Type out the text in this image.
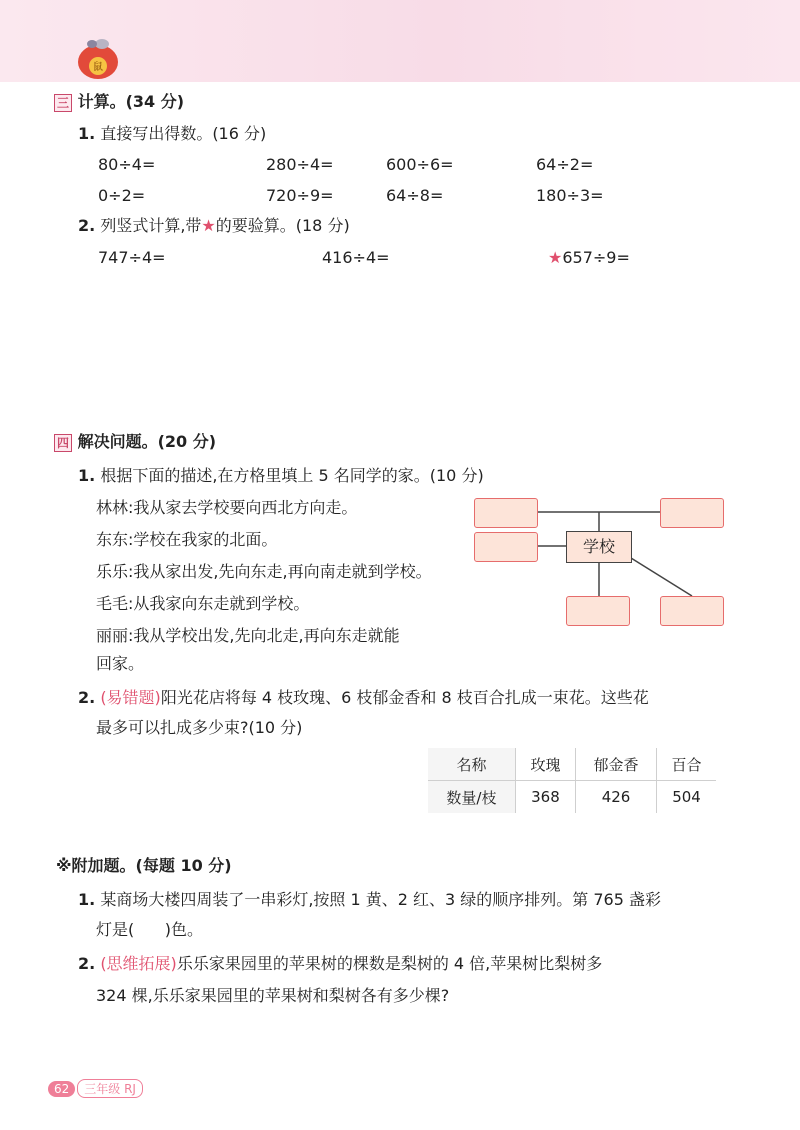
鼠
三 计算。(34 分)
1. 直接写出得数。(16 分)
80÷4=	280÷4=	600÷6=	64÷2=
0÷2=	720÷9=	64÷8=	180÷3=
2. 列竖式计算,带★的要验算。(18 分)
747÷4=	416÷4=	★657÷9=
四 解决问题。(20 分)
1. 根据下面的描述,在方格里填上 5 名同学的家。(10 分)
林林:我从家去学校要向西北方向走。
东东:学校在我家的北面。
乐乐:我从家出发,先向东走,再向南走就到学校。
毛毛:从我家向东走就到学校。
丽丽:我从学校出发,先向北走,再向东走就能
回家。
学校
2. (易错题)阳光花店将每 4 枝玫瑰、6 枝郁金香和 8 枝百合扎成一束花。这些花
最多可以扎成多少束?(10 分)
名称	玫瑰	郁金香	百合
数量/枝	368	426	504
※附加题。(每题 10 分)
1. 某商场大楼四周装了一串彩灯,按照 1 黄、2 红、3 绿的顺序排列。第 765 盏彩
灯是(      )色。
2. (思维拓展)乐乐家果园里的苹果树的棵数是梨树的 4 倍,苹果树比梨树多
324 棵,乐乐家果园里的苹果树和梨树各有多少棵?
62 三年级 RJ
